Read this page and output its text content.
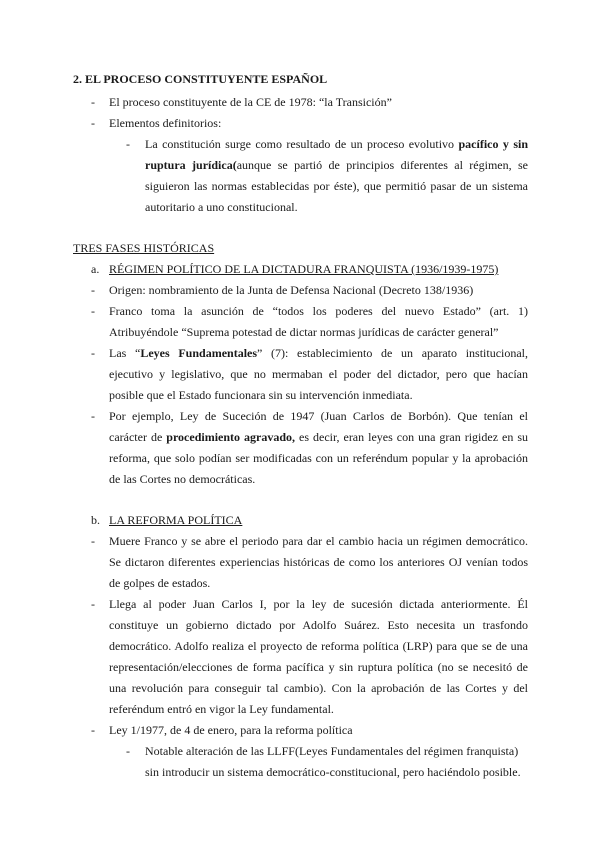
2. EL PROCESO CONSTITUYENTE ESPAÑOL
- El proceso constituyente de la CE de 1978: “la Transición”
- Elementos definitorios:
- La constitución surge como resultado de un proceso evolutivo pacífico y sin
ruptura jurídica(aunque se partió de principios diferentes al régimen, se
siguieron las normas establecidas por éste), que permitió pasar de un sistema
autoritario a uno constitucional.
TRES FASES HISTÓRICAS
a. RÉGIMEN POLÍTICO DE LA DICTADURA FRANQUISTA (1936/1939-1975)
- Origen: nombramiento de la Junta de Defensa Nacional (Decreto 138/1936)
- Franco toma la asunción de “todos los poderes del nuevo Estado” (art. 1)
Atribuyéndole “Suprema potestad de dictar normas jurídicas de carácter general”
- Las “Leyes Fundamentales” (7): establecimiento de un aparato institucional,
ejecutivo y legislativo, que no mermaban el poder del dictador, pero que hacían
posible que el Estado funcionara sin su intervención inmediata.
- Por ejemplo, Ley de Suceción de 1947 (Juan Carlos de Borbón). Que tenían el
carácter de procedimiento agravado, es decir, eran leyes con una gran rigidez en su
reforma, que solo podían ser modificadas con un referéndum popular y la aprobación
de las Cortes no democráticas.
b. LA REFORMA POLÍTICA
- Muere Franco y se abre el periodo para dar el cambio hacia un régimen democrático.
Se dictaron diferentes experiencias históricas de como los anteriores OJ venían todos
de golpes de estados.
- Llega al poder Juan Carlos I, por la ley de sucesión dictada anteriormente. Él
constituye un gobierno dictado por Adolfo Suárez. Esto necesita un trasfondo
democrático. Adolfo realiza el proyecto de reforma política (LRP) para que se de una
representación/elecciones de forma pacífica y sin ruptura política (no se necesitó de
una revolución para conseguir tal cambio). Con la aprobación de las Cortes y del
referéndum entró en vigor la Ley fundamental.
- Ley 1/1977, de 4 de enero, para la reforma política
- Notable alteración de las LLFF(Leyes Fundamentales del régimen franquista)
sin introducir un sistema democrático-constitucional, pero haciéndolo posible.
